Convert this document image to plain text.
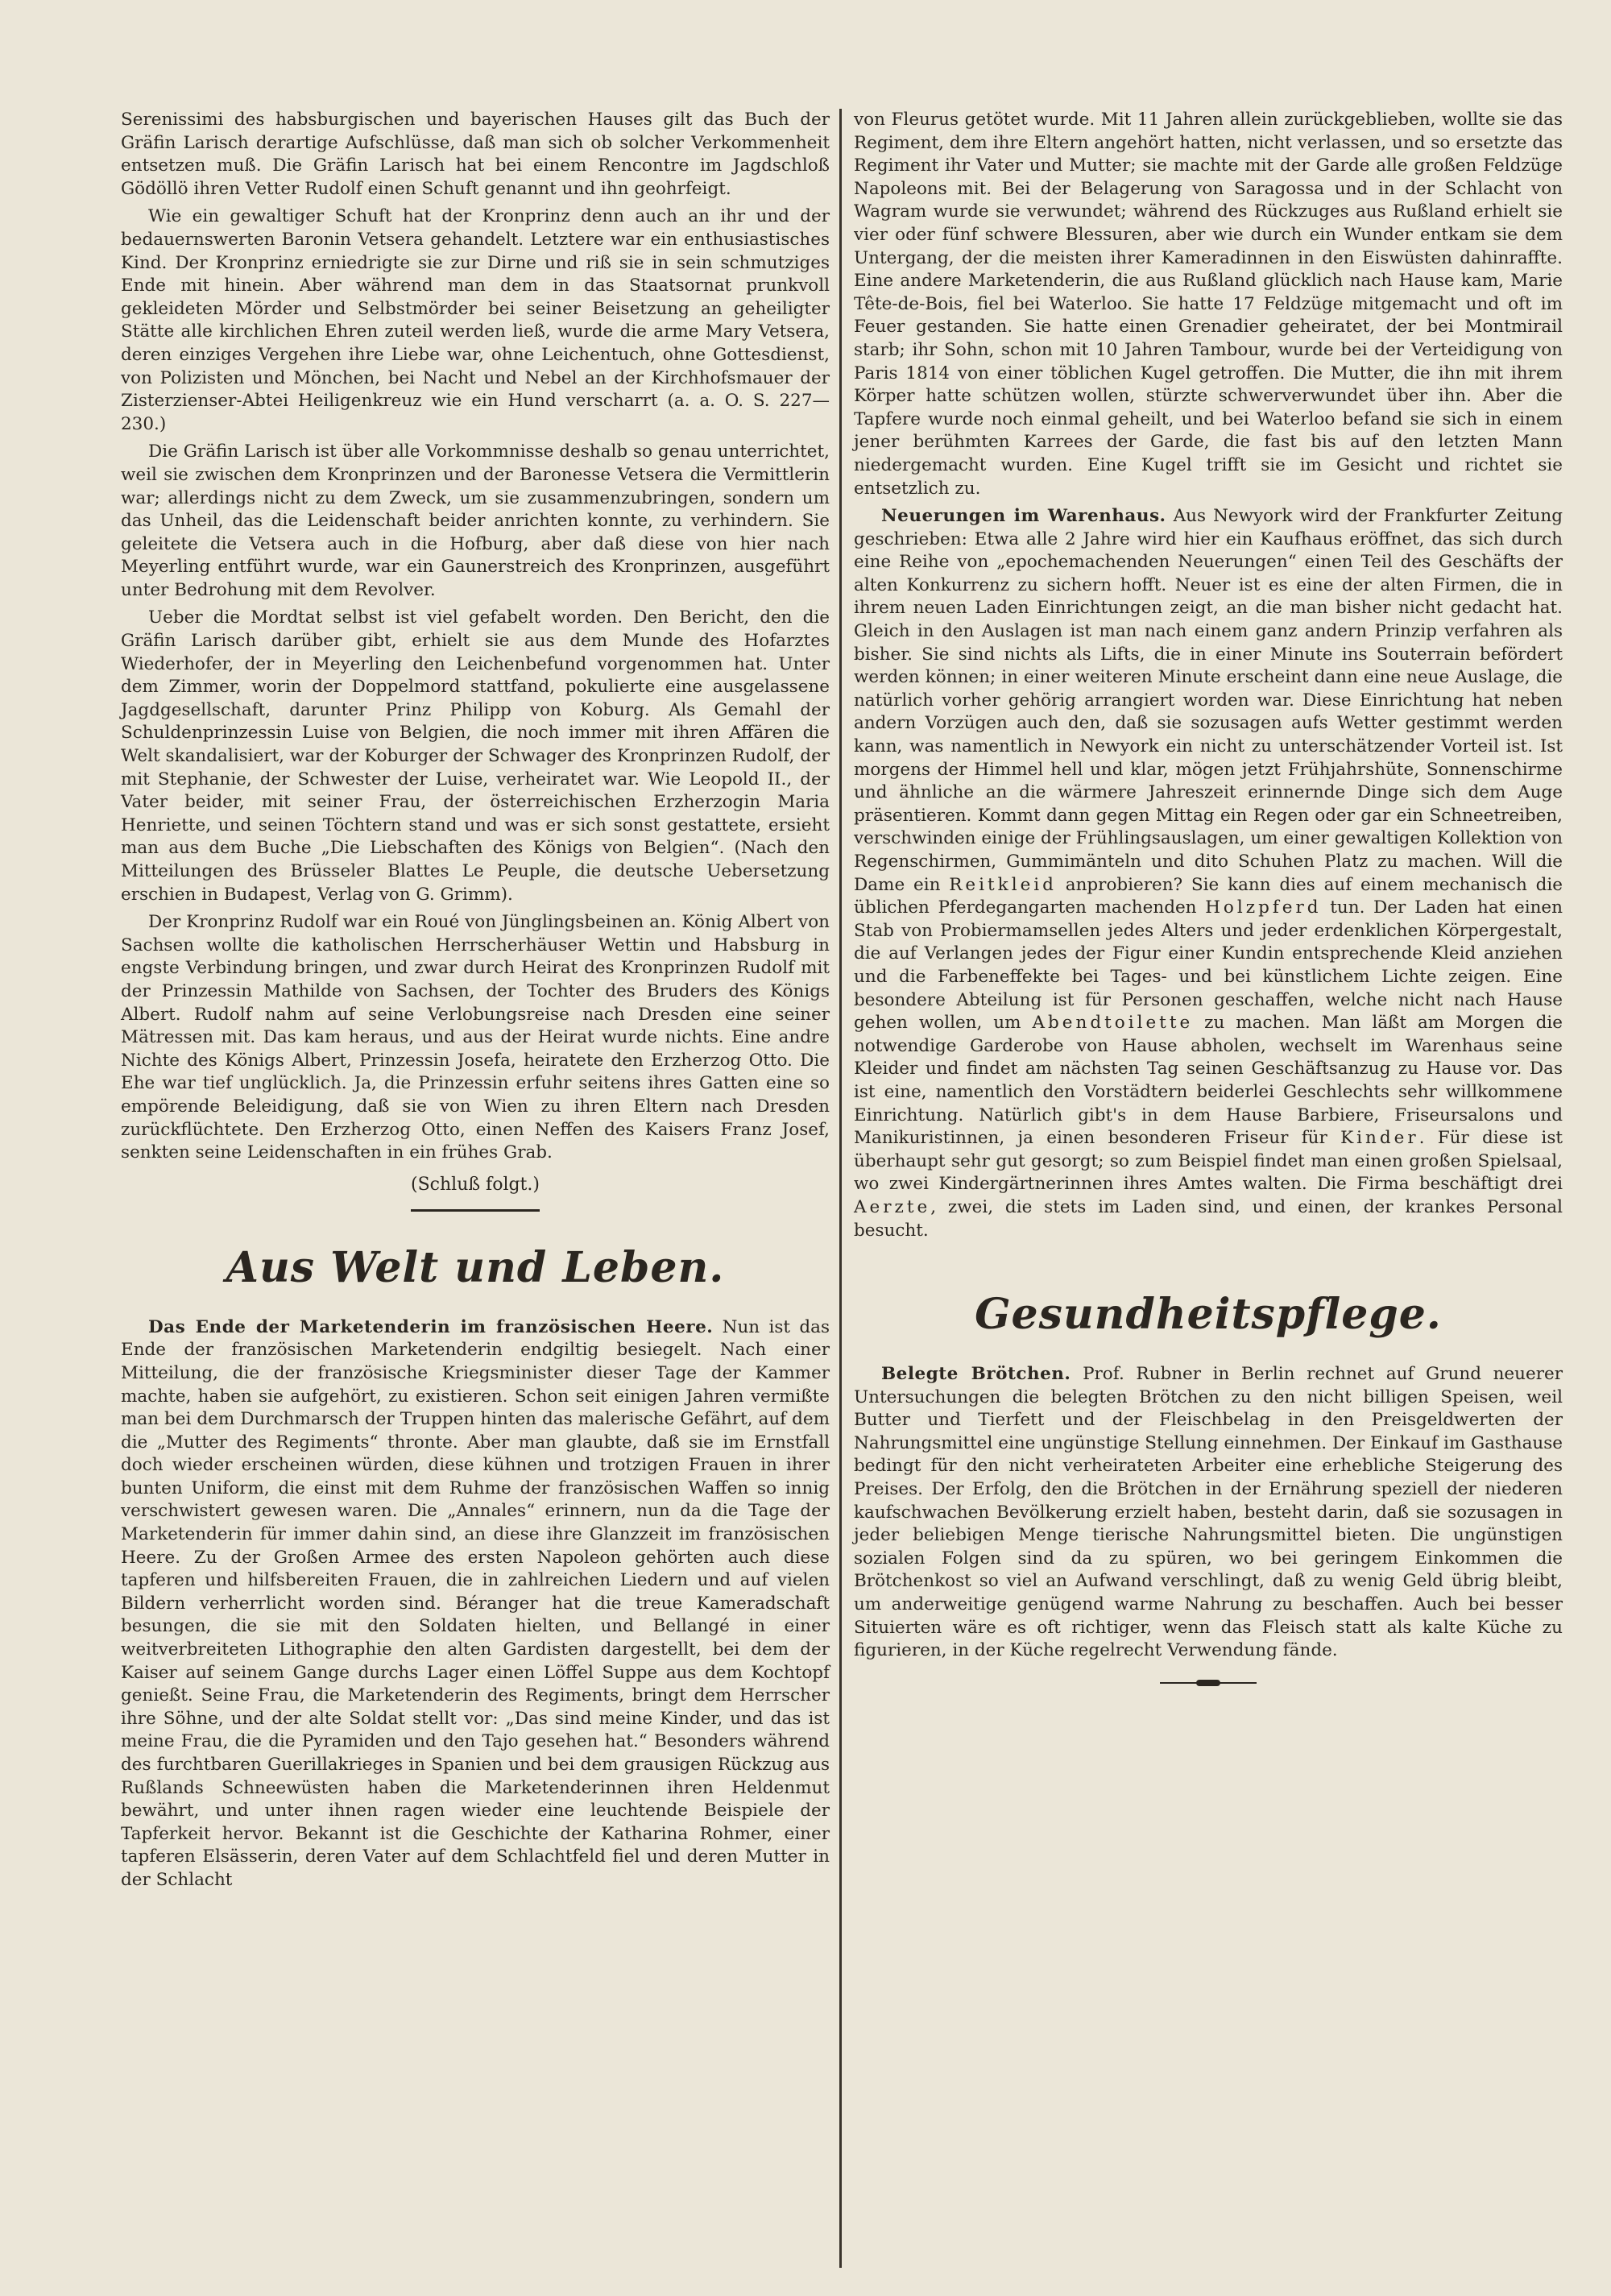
Serenissimi des habsburgischen und bayerischen Hauses gilt das Buch der Gräfin Larisch derartige Aufschlüsse, daß man sich ob solcher Verkommenheit entsetzen muß. Die Gräfin Larisch hat bei einem Rencontre im Jagdschloß Gödöllö ihren Vetter Rudolf einen Schuft genannt und ihn geohrfeigt.

Wie ein gewaltiger Schuft hat der Kronprinz denn auch an ihr und der bedauernswerten Baronin Vetsera gehandelt. Letztere war ein enthusiastisches Kind. Der Kronprinz erniedrigte sie zur Dirne und riß sie in sein schmutziges Ende mit hinein. Aber während man dem in das Staatsornat prunkvoll gekleideten Mörder und Selbstmörder bei seiner Beisetzung an geheiligter Stätte alle kirchlichen Ehren zuteil werden ließ, wurde die arme Mary Vetsera, deren einziges Vergehen ihre Liebe war, ohne Leichentuch, ohne Gottesdienst, von Polizisten und Mönchen, bei Nacht und Nebel an der Kirchhofsmauer der Zisterzienser-Abtei Heiligenkreuz wie ein Hund verscharrt (a. a. O. S. 227—230.)

Die Gräfin Larisch ist über alle Vorkommnisse deshalb so genau unterrichtet, weil sie zwischen dem Kronprinzen und der Baronesse Vetsera die Vermittlerin war; allerdings nicht zu dem Zweck, um sie zusammenzubringen, sondern um das Unheil, das die Leidenschaft beider anrichten konnte, zu verhindern. Sie geleitete die Vetsera auch in die Hofburg, aber daß diese von hier nach Meyerling entführt wurde, war ein Gaunerstreich des Kronprinzen, ausgeführt unter Bedrohung mit dem Revolver.

Ueber die Mordtat selbst ist viel gefabelt worden. Den Bericht, den die Gräfin Larisch darüber gibt, erhielt sie aus dem Munde des Hofarztes Wiederhofer, der in Meyerling den Leichenbefund vorgenommen hat. Unter dem Zimmer, worin der Doppelmord stattfand, pokulierte eine ausgelassene Jagdgesellschaft, darunter Prinz Philipp von Koburg. Als Gemahl der Schuldenprinzessin Luise von Belgien, die noch immer mit ihren Affären die Welt skandalisiert, war der Koburger der Schwager des Kronprinzen Rudolf, der mit Stephanie, der Schwester der Luise, verheiratet war. Wie Leopold II., der Vater beider, mit seiner Frau, der österreichischen Erzherzogin Maria Henriette, und seinen Töchtern stand und was er sich sonst gestattete, ersieht man aus dem Buche „Die Liebschaften des Königs von Belgien“. (Nach den Mitteilungen des Brüsseler Blattes Le Peuple, die deutsche Uebersetzung erschien in Budapest, Verlag von G. Grimm).

Der Kronprinz Rudolf war ein Roué von Jünglingsbeinen an. König Albert von Sachsen wollte die katholischen Herrscherhäuser Wettin und Habsburg in engste Verbindung bringen, und zwar durch Heirat des Kronprinzen Rudolf mit der Prinzessin Mathilde von Sachsen, der Tochter des Bruders des Königs Albert. Rudolf nahm auf seine Verlobungsreise nach Dresden eine seiner Mätressen mit. Das kam heraus, und aus der Heirat wurde nichts. Eine andre Nichte des Königs Albert, Prinzessin Josefa, heiratete den Erzherzog Otto. Die Ehe war tief unglücklich. Ja, die Prinzessin erfuhr seitens ihres Gatten eine so empörende Beleidigung, daß sie von Wien zu ihren Eltern nach Dresden zurückflüchtete. Den Erzherzog Otto, einen Neffen des Kaisers Franz Josef, senkten seine Leidenschaften in ein frühes Grab.

(Schluß folgt.)
Aus Welt und Leben.

Das Ende der Marketenderin im französischen Heere. Nun ist das Ende der französischen Marketenderin endgiltig besiegelt. Nach einer Mitteilung, die der französische Kriegsminister dieser Tage der Kammer machte, haben sie aufgehört, zu existieren. Schon seit einigen Jahren vermißte man bei dem Durchmarsch der Truppen hinten das malerische Gefährt, auf dem die „Mutter des Regiments“ thronte. Aber man glaubte, daß sie im Ernstfall doch wieder erscheinen würden, diese kühnen und trotzigen Frauen in ihrer bunten Uniform, die einst mit dem Ruhme der französischen Waffen so innig verschwistert gewesen waren. Die „Annales“ erinnern, nun da die Tage der Marketenderin für immer dahin sind, an diese ihre Glanzzeit im französischen Heere. Zu der Großen Armee des ersten Napoleon gehörten auch diese tapferen und hilfsbereiten Frauen, die in zahlreichen Liedern und auf vielen Bildern verherrlicht worden sind. Béranger hat die treue Kameradschaft besungen, die sie mit den Soldaten hielten, und Bellangé in einer weitverbreiteten Lithographie den alten Gardisten dargestellt, bei dem der Kaiser auf seinem Gange durchs Lager einen Löffel Suppe aus dem Kochtopf genießt. Seine Frau, die Marketenderin des Regiments, bringt dem Herrscher ihre Söhne, und der alte Soldat stellt vor: „Das sind meine Kinder, und das ist meine Frau, die die Pyramiden und den Tajo gesehen hat.“ Besonders während des furchtbaren Guerillakrieges in Spanien und bei dem grausigen Rückzug aus Rußlands Schneewüsten haben die Marketenderinnen ihren Heldenmut bewährt, und unter ihnen ragen wieder eine leuchtende Beispiele der Tapferkeit hervor. Bekannt ist die Geschichte der Katharina Rohmer, einer tapferen Elsässerin, deren Vater auf dem Schlachtfeld fiel und deren Mutter in der Schlacht

von Fleurus getötet wurde. Mit 11 Jahren allein zurückgeblieben, wollte sie das Regiment, dem ihre Eltern angehört hatten, nicht verlassen, und so ersetzte das Regiment ihr Vater und Mutter; sie machte mit der Garde alle großen Feldzüge Napoleons mit. Bei der Belagerung von Saragossa und in der Schlacht von Wagram wurde sie verwundet; während des Rückzuges aus Rußland erhielt sie vier oder fünf schwere Blessuren, aber wie durch ein Wunder entkam sie dem Untergang, der die meisten ihrer Kameradinnen in den Eiswüsten dahinraffte. Eine andere Marketenderin, die aus Rußland glücklich nach Hause kam, Marie Tête-de-Bois, fiel bei Waterloo. Sie hatte 17 Feldzüge mitgemacht und oft im Feuer gestanden. Sie hatte einen Grenadier geheiratet, der bei Montmirail starb; ihr Sohn, schon mit 10 Jahren Tambour, wurde bei der Verteidigung von Paris 1814 von einer töblichen Kugel getroffen. Die Mutter, die ihn mit ihrem Körper hatte schützen wollen, stürzte schwerverwundet über ihn. Aber die Tapfere wurde noch einmal geheilt, und bei Waterloo befand sie sich in einem jener berühmten Karrees der Garde, die fast bis auf den letzten Mann niedergemacht wurden. Eine Kugel trifft sie im Gesicht und richtet sie entsetzlich zu.

Neuerungen im Warenhaus. Aus Newyork wird der Frankfurter Zeitung geschrieben: Etwa alle 2 Jahre wird hier ein Kaufhaus eröffnet, das sich durch eine Reihe von „epochemachenden Neuerungen“ einen Teil des Geschäfts der alten Konkurrenz zu sichern hofft. Neuer ist es eine der alten Firmen, die in ihrem neuen Laden Einrichtungen zeigt, an die man bisher nicht gedacht hat. Gleich in den Auslagen ist man nach einem ganz andern Prinzip verfahren als bisher. Sie sind nichts als Lifts, die in einer Minute ins Souterrain befördert werden können; in einer weiteren Minute erscheint dann eine neue Auslage, die natürlich vorher gehörig arrangiert worden war. Diese Einrichtung hat neben andern Vorzügen auch den, daß sie sozusagen aufs Wetter gestimmt werden kann, was namentlich in Newyork ein nicht zu unterschätzender Vorteil ist. Ist morgens der Himmel hell und klar, mögen jetzt Frühjahrshüte, Sonnenschirme und ähnliche an die wärmere Jahreszeit erinnernde Dinge sich dem Auge präsentieren. Kommt dann gegen Mittag ein Regen oder gar ein Schneetreiben, verschwinden einige der Frühlingsauslagen, um einer gewaltigen Kollektion von Regenschirmen, Gummimänteln und dito Schuhen Platz zu machen. Will die Dame ein Reitkleid anprobieren? Sie kann dies auf einem mechanisch die üblichen Pferdegangarten machenden Holzpferd tun. Der Laden hat einen Stab von Probiermamsellen jedes Alters und jeder erdenklichen Körpergestalt, die auf Verlangen jedes der Figur einer Kundin entsprechende Kleid anziehen und die Farbeneffekte bei Tages- und bei künstlichem Lichte zeigen. Eine besondere Abteilung ist für Personen geschaffen, welche nicht nach Hause gehen wollen, um Abendtoilette zu machen. Man läßt am Morgen die notwendige Garderobe von Hause abholen, wechselt im Warenhaus seine Kleider und findet am nächsten Tag seinen Geschäftsanzug zu Hause vor. Das ist eine, namentlich den Vorstädtern beiderlei Geschlechts sehr willkommene Einrichtung. Natürlich gibt's in dem Hause Barbiere, Friseursalons und Manikuristinnen, ja einen besonderen Friseur für Kinder. Für diese ist überhaupt sehr gut gesorgt; so zum Beispiel findet man einen großen Spielsaal, wo zwei Kindergärtnerinnen ihres Amtes walten. Die Firma beschäftigt drei Aerzte, zwei, die stets im Laden sind, und einen, der krankes Personal besucht.

Gesundheitspflege.

Belegte Brötchen. Prof. Rubner in Berlin rechnet auf Grund neuerer Untersuchungen die belegten Brötchen zu den nicht billigen Speisen, weil Butter und Tierfett und der Fleischbelag in den Preisgeldwerten der Nahrungsmittel eine ungünstige Stellung einnehmen. Der Einkauf im Gasthause bedingt für den nicht verheirateten Arbeiter eine erhebliche Steigerung des Preises. Der Erfolg, den die Brötchen in der Ernährung speziell der niederen kaufschwachen Bevölkerung erzielt haben, besteht darin, daß sie sozusagen in jeder beliebigen Menge tierische Nahrungsmittel bieten. Die ungünstigen sozialen Folgen sind da zu spüren, wo bei geringem Einkommen die Brötchenkost so viel an Aufwand verschlingt, daß zu wenig Geld übrig bleibt, um anderweitige genügend warme Nahrung zu beschaffen. Auch bei besser Situierten wäre es oft richtiger, wenn das Fleisch statt als kalte Küche zu figurieren, in der Küche regelrecht Verwendung fände.
